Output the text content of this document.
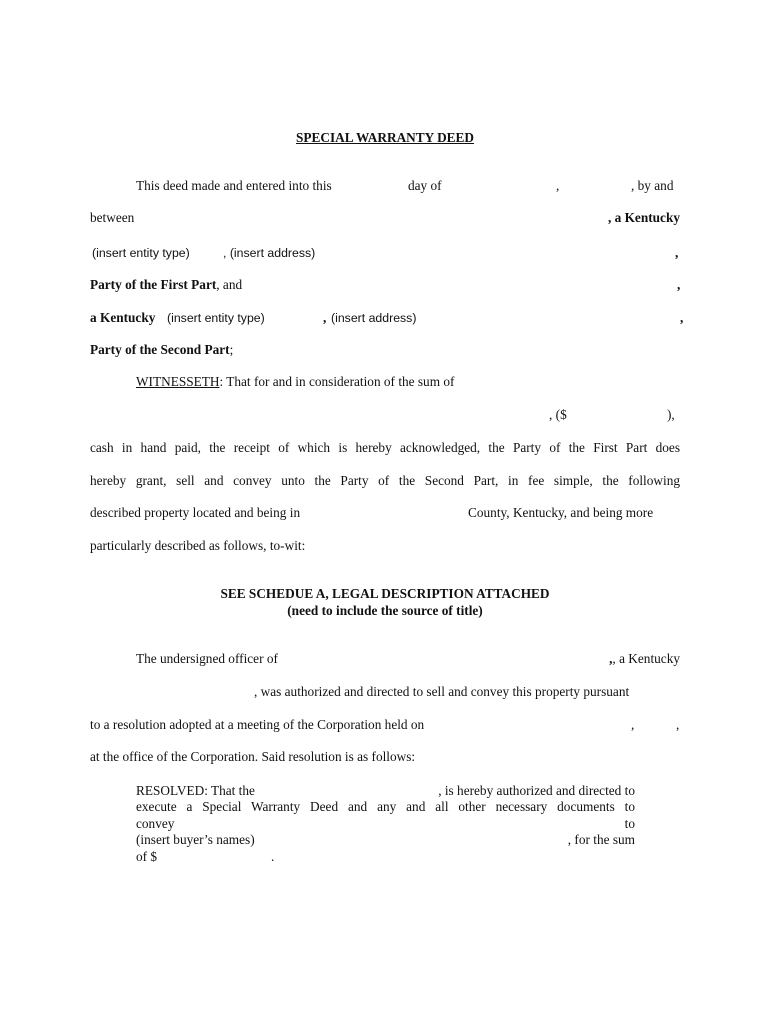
SPECIAL WARRANTY DEED
This deed made and entered into this	day of	,	, by and
between	, a Kentucky
(insert entity type)	, (insert address)	,
Party of the First Part, and	,
a Kentucky (insert entity type)	, (insert address)	,
Party of the Second Part;
WITNESSETH: That for and in consideration of the sum of
, ($	),
cash in hand paid, the receipt of which is hereby acknowledged, the Party of the First Part does
hereby grant, sell and convey unto the Party of the Second Part, in fee simple, the following
described property located and being in	County, Kentucky, and being more
particularly described as follows, to-wit:
SEE SCHEDUE A, LEGAL DESCRIPTION ATTACHED
(need to include the source of title)
The undersigned officer of	,, a Kentucky
, was authorized and directed to sell and convey this property pursuant
to a resolution adopted at a meeting of the Corporation held on	,	,
at the office of the Corporation. Said resolution is as follows:
RESOLVED: That the	, is hereby authorized and directed to
execute a Special Warranty Deed and any and all other necessary documents to
convey	to
(insert buyer’s names)	, for the sum
of $	.
